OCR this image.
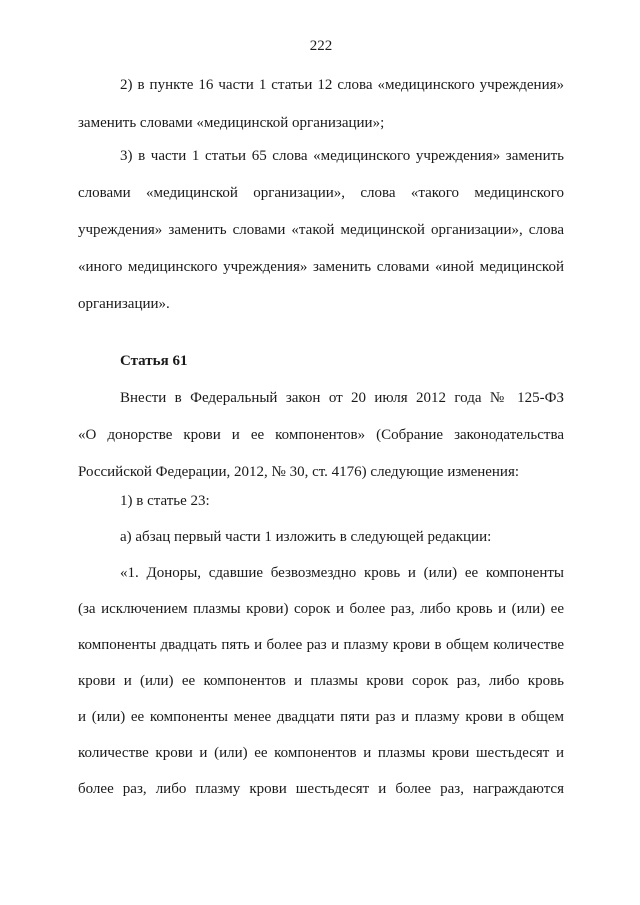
222
2) в пункте 16 части 1 статьи 12 слова «медицинского учреждения»
заменить словами «медицинской организации»;
3) в части 1 статьи 65 слова «медицинского учреждения» заменить
словами «медицинской организации», слова «такого медицинского
учреждения» заменить словами «такой медицинской организации», слова
«иного медицинского учреждения» заменить словами «иной медицинской
организации».
Статья 61
Внести в Федеральный закон от 20 июля 2012 года № 125-ФЗ
«О донорстве крови и ее компонентов» (Собрание законодательства
Российской Федерации, 2012, № 30, ст. 4176) следующие изменения:
1) в статье 23:
а) абзац первый части 1 изложить в следующей редакции:
«1. Доноры, сдавшие безвозмездно кровь и (или) ее компоненты
(за исключением плазмы крови) сорок и более раз, либо кровь и (или) ее
компоненты двадцать пять и более раз и плазму крови в общем количестве
крови и (или) ее компонентов и плазмы крови сорок раз, либо кровь
и (или) ее компоненты менее двадцати пяти раз и плазму крови в общем
количестве крови и (или) ее компонентов и плазмы крови шестьдесят и
более раз, либо плазму крови шестьдесят и более раз, награждаются
